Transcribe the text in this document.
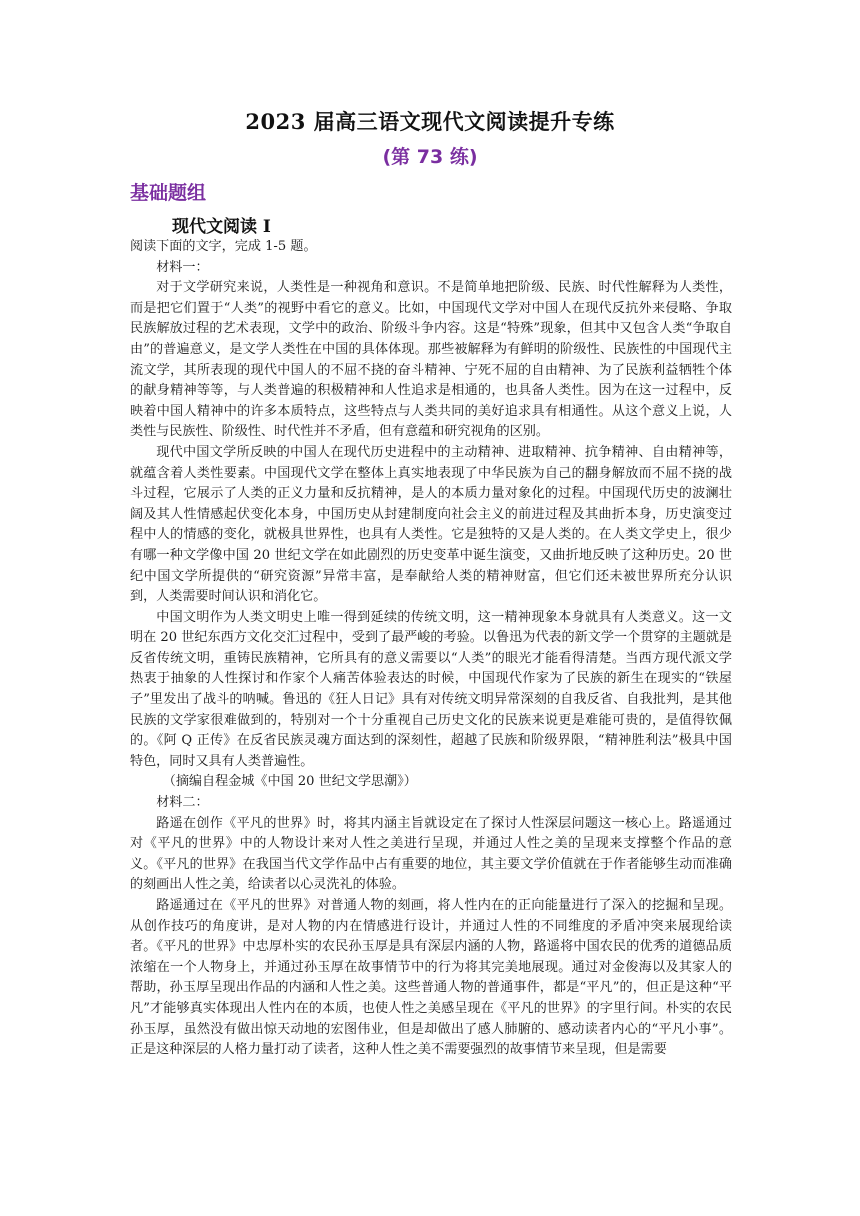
2023 届高三语文现代文阅读提升专练
(第 73 练)
基础题组
现代文阅读 I

阅读下面的文字，完成 1-5 题。

材料一：

对于文学研究来说，人类性是一种视角和意识。不是简单地把阶级、民族、时代性解释为人类性，而是把它们置于“人类”的视野中看它的意义。比如，中国现代文学对中国人在现代反抗外来侵略、争取民族解放过程的艺术表现，文学中的政治、阶级斗争内容。这是“特殊”现象，但其中又包含人类“争取自由”的普遍意义，是文学人类性在中国的具体体现。那些被解释为有鲜明的阶级性、民族性的中国现代主流文学，其所表现的现代中国人的不屈不挠的奋斗精神、宁死不屈的自由精神、为了民族利益牺牲个体的献身精神等等，与人类普遍的积极精神和人性追求是相通的，也具备人类性。因为在这一过程中，反映着中国人精神中的许多本质特点，这些特点与人类共同的美好追求具有相通性。从这个意义上说，人类性与民族性、阶级性、时代性并不矛盾，但有意蕴和研究视角的区别。

现代中国文学所反映的中国人在现代历史进程中的主动精神、进取精神、抗争精神、自由精神等，就蕴含着人类性要素。中国现代文学在整体上真实地表现了中华民族为自己的翻身解放而不屈不挠的战斗过程，它展示了人类的正义力量和反抗精神，是人的本质力量对象化的过程。中国现代历史的波澜壮阔及其人性情感起伏变化本身，中国历史从封建制度向社会主义的前进过程及其曲折本身，历史演变过程中人的情感的变化，就极具世界性，也具有人类性。它是独特的又是人类的。在人类文学史上，很少有哪一种文学像中国 20 世纪文学在如此剧烈的历史变革中诞生演变，又曲折地反映了这种历史。20 世纪中国文学所提供的“研究资源”异常丰富，是奉献给人类的精神财富，但它们还未被世界所充分认识到，人类需要时间认识和消化它。

中国文明作为人类文明史上唯一得到延续的传统文明，这一精神现象本身就具有人类意义。这一文明在 20 世纪东西方文化交汇过程中，受到了最严峻的考验。以鲁迅为代表的新文学一个贯穿的主题就是反省传统文明，重铸民族精神，它所具有的意义需要以“人类”的眼光才能看得清楚。当西方现代派文学热衷于抽象的人性探讨和作家个人痛苦体验表达的时候，中国现代作家为了民族的新生在现实的“铁屋子”里发出了战斗的呐喊。鲁迅的《狂人日记》具有对传统文明异常深刻的自我反省、自我批判，是其他民族的文学家很难做到的，特别对一个十分重视自己历史文化的民族来说更是难能可贵的，是值得钦佩的。《阿 Q 正传》在反省民族灵魂方面达到的深刻性，超越了民族和阶级界限，“精神胜利法”极具中国特色，同时又具有人类普遍性。

（摘编自程金城《中国 20 世纪文学思潮》）

材料二：

路遥在创作《平凡的世界》时，将其内涵主旨就设定在了探讨人性深层问题这一核心上。路遥通过对《平凡的世界》中的人物设计来对人性之美进行呈现，并通过人性之美的呈现来支撑整个作品的意义。《平凡的世界》在我国当代文学作品中占有重要的地位，其主要文学价值就在于作者能够生动而准确的刻画出人性之美，给读者以心灵洗礼的体验。

路遥通过在《平凡的世界》对普通人物的刻画，将人性内在的正向能量进行了深入的挖掘和呈现。从创作技巧的角度讲，是对人物的内在情感进行设计，并通过人性的不同维度的矛盾冲突来展现给读者。《平凡的世界》中忠厚朴实的农民孙玉厚是具有深层内涵的人物，路遥将中国农民的优秀的道德品质浓缩在一个人物身上，并通过孙玉厚在故事情节中的行为将其完美地展现。通过对金俊海以及其家人的帮助，孙玉厚呈现出作品的内涵和人性之美。这些普通人物的普通事件，都是“平凡”的，但正是这种“平凡”才能够真实体现出人性内在的本质，也使人性之美感呈现在《平凡的世界》的字里行间。朴实的农民孙玉厚，虽然没有做出惊天动地的宏图伟业，但是却做出了感人肺腑的、感动读者内心的“平凡小事”。正是这种深层的人格力量打动了读者，这种人性之美不需要强烈的故事情节来呈现，但是需要
